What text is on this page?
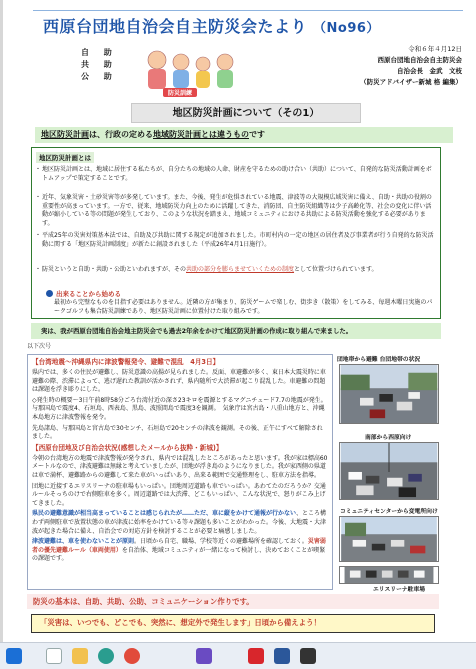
西原台団地自治会自主防災会たより （No96）
自 助
共 助
公 助
防災訓練
令和６年４月12日
西原台団地自治会自主防災会
自治会長　金武　文枝
（防災アドバイザー新城 格 編集）
地区防災計画について（その1）
地区防災計画は、行政の定める地域防災計画とは違うものです
地区防災計画とは
・ 地区防災計画とは、地域に居住する私たちが、自分たちの地域の人命、財産を守るための助け合い（共助）について、自発的な防災活動計画をボトムアップで策定することです。
・ 近年、気象災害・土砂災害等が多発しています。また、今後、発生が危惧されている地震、津波等の大規模広域災害に備え、自助・共助の役割の重要性が高まっています。一方で、従来、地域防災力向上のために活躍してきた、消防団、自主防災組織等は少子高齢化等、社会の変化に伴い活動が縮小している等の問題が発生しており、このような状況を踏まえ、地域コミュニティにおける共助による防災活動を強化する必要があります。
・ 平成25年の災害対策基本法では、自助及び共助に関する規定が追加されました。市町村内の一定の地区の居住者及び事業者が行う自発的な防災活動に関する「地区防災計画制度」が新たに創設されました（平成26年4月1日施行）。
・ 防災というと自助・共助・公助といわれますが、その共助の部分を膨らませていくための制度として位置づけられています。
出来ることから始める
最初から完璧なものを目指す必要はありません。近隣の方が集まり、防災ゲームで楽しむ、街歩き（散策）をしてみる、毎週木曜日実施のパークゴルフも集合防災訓練であり、地区防災計画に位置付けた取り組みです。
実は、我が西原台団地自治会地主防災会でも過去2年余をかけて地区防災計画の作成に取り組んで来ました。
以下次号

【台湾地震～沖縄県内に津波警報発令、避難で混乱　4月3日】

県内では、多くの住民が避難し、防災意識の高揚が見られました。反面、車避難が多く、東日本大震災時に車避難の際、渋滞によって、逃げ遅れた教訓が活かされず、県内随所で大渋滞が起こり混乱した。車避難の問題は課題を浮き彫りにした。

◇発生時の概要～3日午前8時58分ごろ台湾付近の深さ23キロを震源とするマグニチュード7.7の地震が発生。与那国島で震度4、石垣島、西表島、黒島、波照間島で震度3を観測。　気象庁は宮古島・八重山地方と、沖縄本島地方に津波警報を発令。

先島諸島、与那国島と宮古島で30センチ、石垣島で20センチの津波を観測。その後、正午にすべて解除されました。

【西原台団地及び自治会状況(感想したメールから抜粋・新城)】

今朝の台湾地方の地震で津波警報が発令され、県内では混乱したところがあったと思います。我が家は標高60メートルなので、津波避難は無縁と考えていましたが、団地が浮き島のようになりました。我が家西側の県道は車で満杯、避難路からの避難して来た車がいっぱいあり、出来る範囲で交通整理をし、駐車方法を指導。

団地に近接するエリスリーナの駐車場もいっぱい。団地周辺道路も車でいっぱい。あわてたのだろうか？交通ルールそっちのけで右側駐車を多く。周辺道路では大渋滞、どこもいっぱい、こんな状況で、怒りがこみ上げてきました。

県民の避難意識が相当高まっていることは感じられたが……ただ、車に縦をかけて通報が行かない、ところ構わず両側駐車で放置状態の車が津波に始率をかけている等々課題も多いことがわかった。今後、大地震・大津波が起きた場合に備え、自治会での対応方針を検討することが必要と痛感しました。

津波避難は、車を使わないことが原則。日頃から自宅、職場、学校等近くの避難場所を確認しておく。災害弱者の優先避難ルール（車両使用）を自治体、地域コミュニティが一緒になって検討し、決めておくことが喫緊の課題です。

団地帯から避難 台団地帯の状況
南部から西原向け
コミュニティセンターから変電所向け
エリスリーナ駐車場
防災の基本は、自助、共助、公助、コミュニケーション作りです。
「災害は、いつでも、どこでも、突然に、想定外で発生します」日頃から備えよう！
